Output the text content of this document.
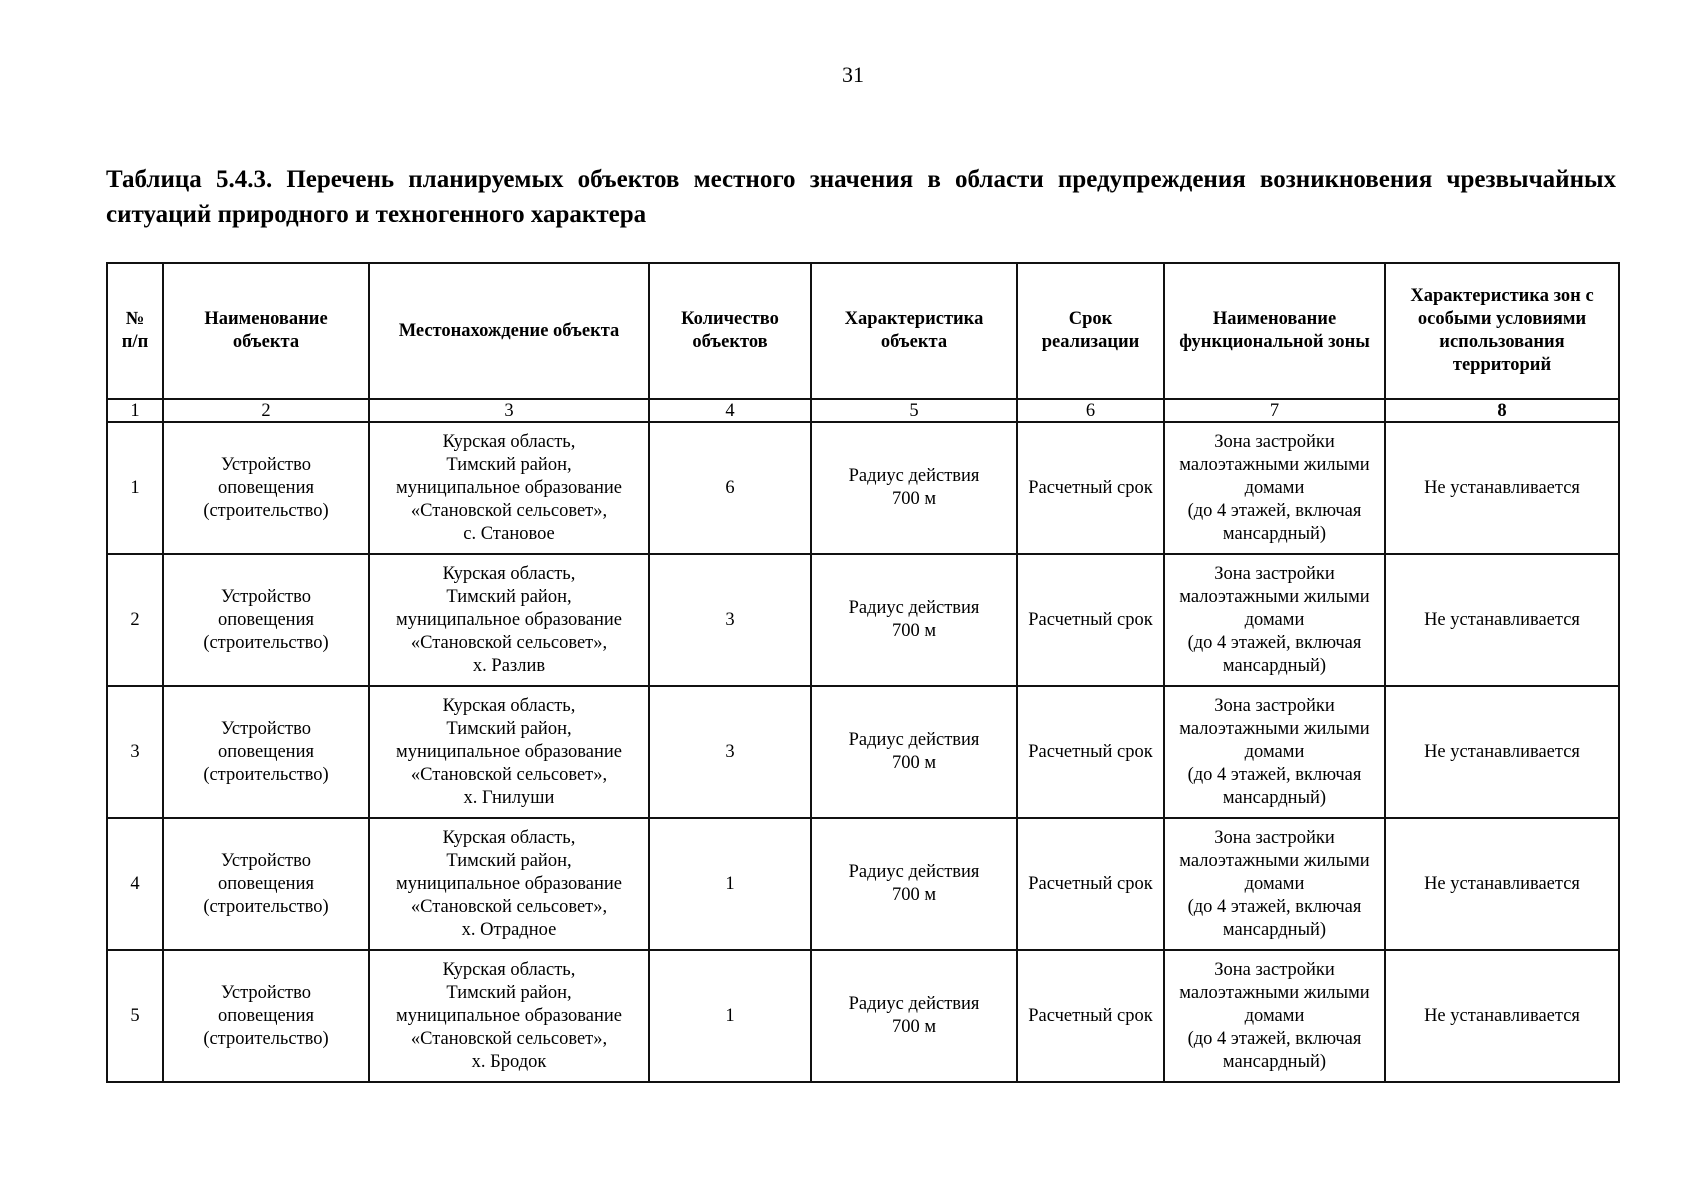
31
Таблица 5.4.3. Перечень планируемых объектов местного значения в области предупреждения возникновения чрезвычайных ситуаций природного и техногенного характера
№
п/п	Наименование
объекта	Местонахождение объекта	Количество
объектов	Характеристика
объекта	Срок
реализации	Наименование
функциональной зоны	Характеристика зон с
особыми условиями
использования
территорий
1	2	3	4	5	6	7	8
1	Устройство
оповещения
(строительство)	Курская область,
Тимский район,
муниципальное образование
«Становской сельсовет»,
с. Становое	6	Радиус действия
700 м	Расчетный срок	Зона застройки
малоэтажными жилыми
домами
(до 4 этажей, включая
мансардный)	Не устанавливается
2	Устройство
оповещения
(строительство)	Курская область,
Тимский район,
муниципальное образование
«Становской сельсовет»,
х. Разлив	3	Радиус действия
700 м	Расчетный срок	Зона застройки
малоэтажными жилыми
домами
(до 4 этажей, включая
мансардный)	Не устанавливается
3	Устройство
оповещения
(строительство)	Курская область,
Тимский район,
муниципальное образование
«Становской сельсовет»,
х. Гнилуши	3	Радиус действия
700 м	Расчетный срок	Зона застройки
малоэтажными жилыми
домами
(до 4 этажей, включая
мансардный)	Не устанавливается
4	Устройство
оповещения
(строительство)	Курская область,
Тимский район,
муниципальное образование
«Становской сельсовет»,
х. Отрадное	1	Радиус действия
700 м	Расчетный срок	Зона застройки
малоэтажными жилыми
домами
(до 4 этажей, включая
мансардный)	Не устанавливается
5	Устройство
оповещения
(строительство)	Курская область,
Тимский район,
муниципальное образование
«Становской сельсовет»,
х. Бродок	1	Радиус действия
700 м	Расчетный срок	Зона застройки
малоэтажными жилыми
домами
(до 4 этажей, включая
мансардный)	Не устанавливается
